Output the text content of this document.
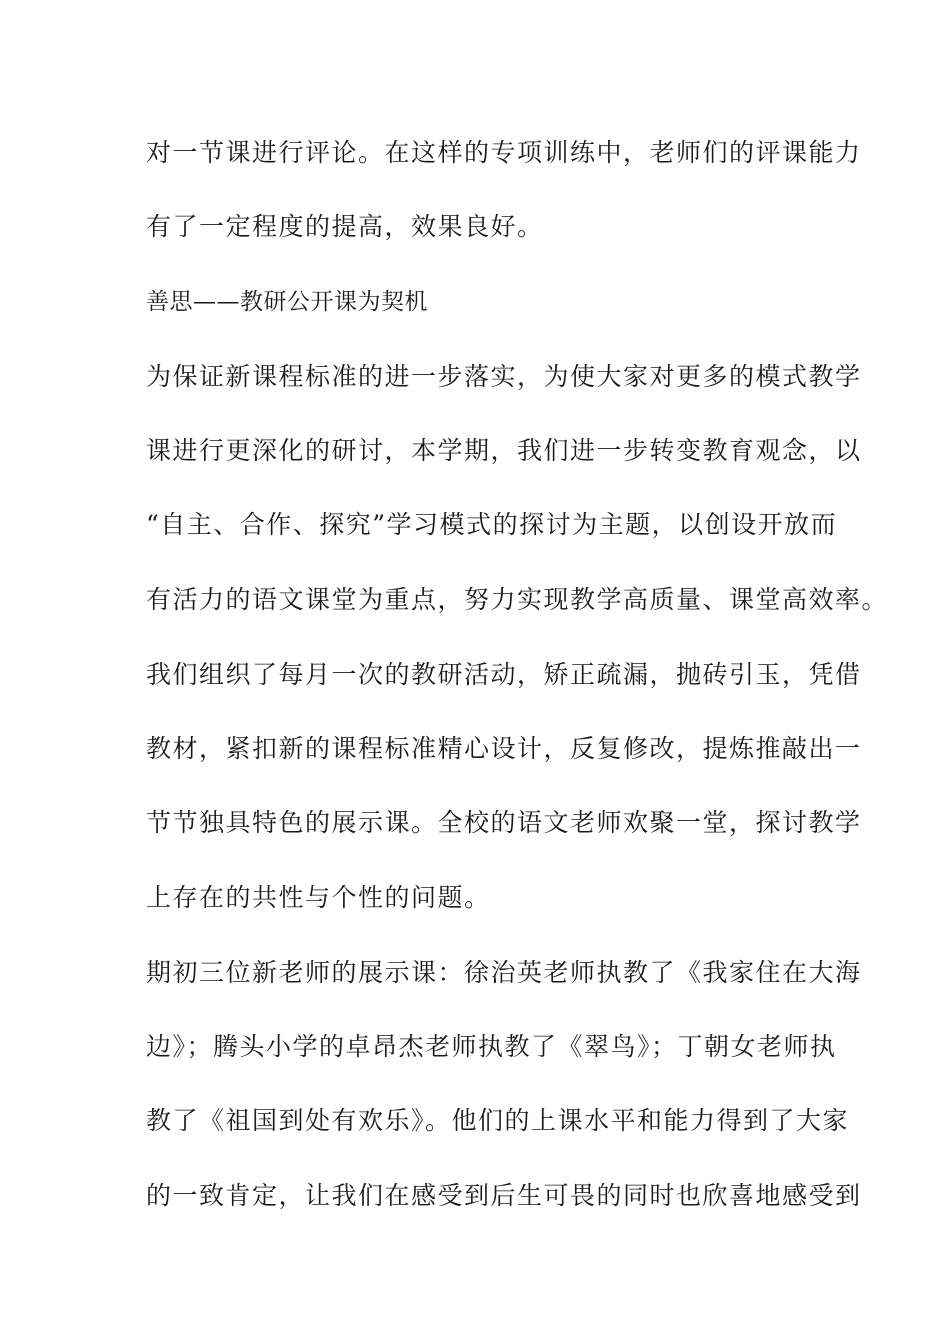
对一节课进行评论。在这样的专项训练中，老师们的评课能力
有了一定程度的提高，效果良好。
善思——教研公开课为契机
为保证新课程标准的进一步落实，为使大家对更多的模式教学
课进行更深化的研讨，本学期，我们进一步转变教育观念，以
“自主、合作、探究”学习模式的探讨为主题，以创设开放而
有活力的语文课堂为重点，努力实现教学高质量、课堂高效率。
我们组织了每月一次的教研活动，矫正疏漏，抛砖引玉，凭借
教材，紧扣新的课程标准精心设计，反复修改，提炼推敲出一
节节独具特色的展示课。全校的语文老师欢聚一堂，探讨教学
上存在的共性与个性的问题。
期初三位新老师的展示课：徐治英老师执教了《我家住在大海
边》；腾头小学的卓昂杰老师执教了《翠鸟》；丁朝女老师执
教了《祖国到处有欢乐》。他们的上课水平和能力得到了大家
的一致肯定，让我们在感受到后生可畏的同时也欣喜地感受到
